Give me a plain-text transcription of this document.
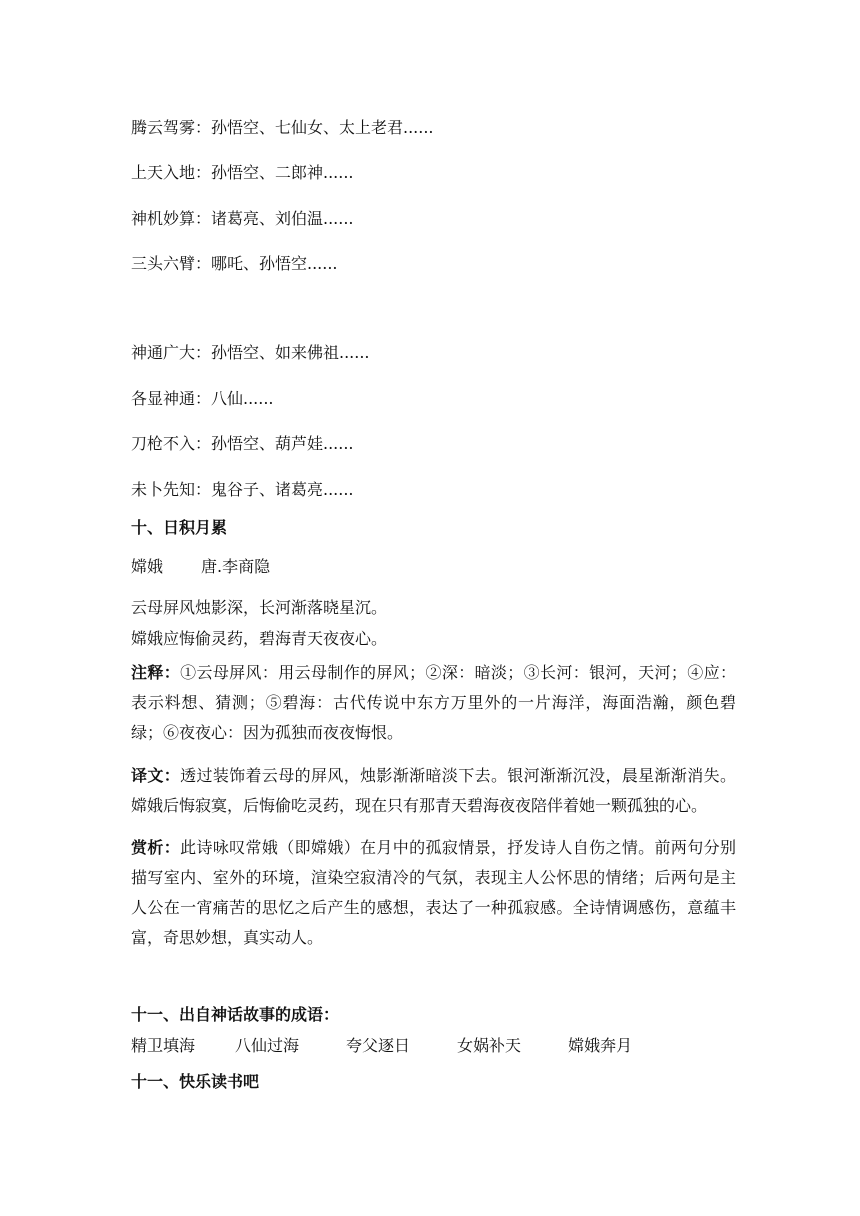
腾云驾雾：孙悟空、七仙女、太上老君......
上天入地：孙悟空、二郎神......
神机妙算：诸葛亮、刘伯温......
三头六臂：哪吒、孙悟空......
神通广大：孙悟空、如来佛祖......
各显神通：八仙......
刀枪不入：孙悟空、葫芦娃......
未卜先知：鬼谷子、诸葛亮......
十、日积月累
嫦娥 唐.李商隐
云母屏风烛影深，长河渐落晓星沉。
嫦娥应悔偷灵药，碧海青天夜夜心。
注释：①云母屏风：用云母制作的屏风；②深：暗淡；③长河：银河，天河；④应：表示料想、猜测；⑤碧海：古代传说中东方万里外的一片海洋，海面浩瀚，颜色碧绿；⑥夜夜心：因为孤独而夜夜悔恨。
译文：透过装饰着云母的屏风，烛影渐渐暗淡下去。银河渐渐沉没，晨星渐渐消失。嫦娥后悔寂寞，后悔偷吃灵药，现在只有那青天碧海夜夜陪伴着她一颗孤独的心。
赏析：此诗咏叹常娥（即嫦娥）在月中的孤寂情景，抒发诗人自伤之情。前两句分别描写室内、室外的环境，渲染空寂清冷的气氛，表现主人公怀思的情绪；后两句是主人公在一宵痛苦的思忆之后产生的感想，表达了一种孤寂感。全诗情调感伤，意蕴丰富，奇思妙想，真实动人。
十一、出自神话故事的成语：
精卫填海	八仙过海	夸父逐日	女娲补天	嫦娥奔月
十一、快乐读书吧
